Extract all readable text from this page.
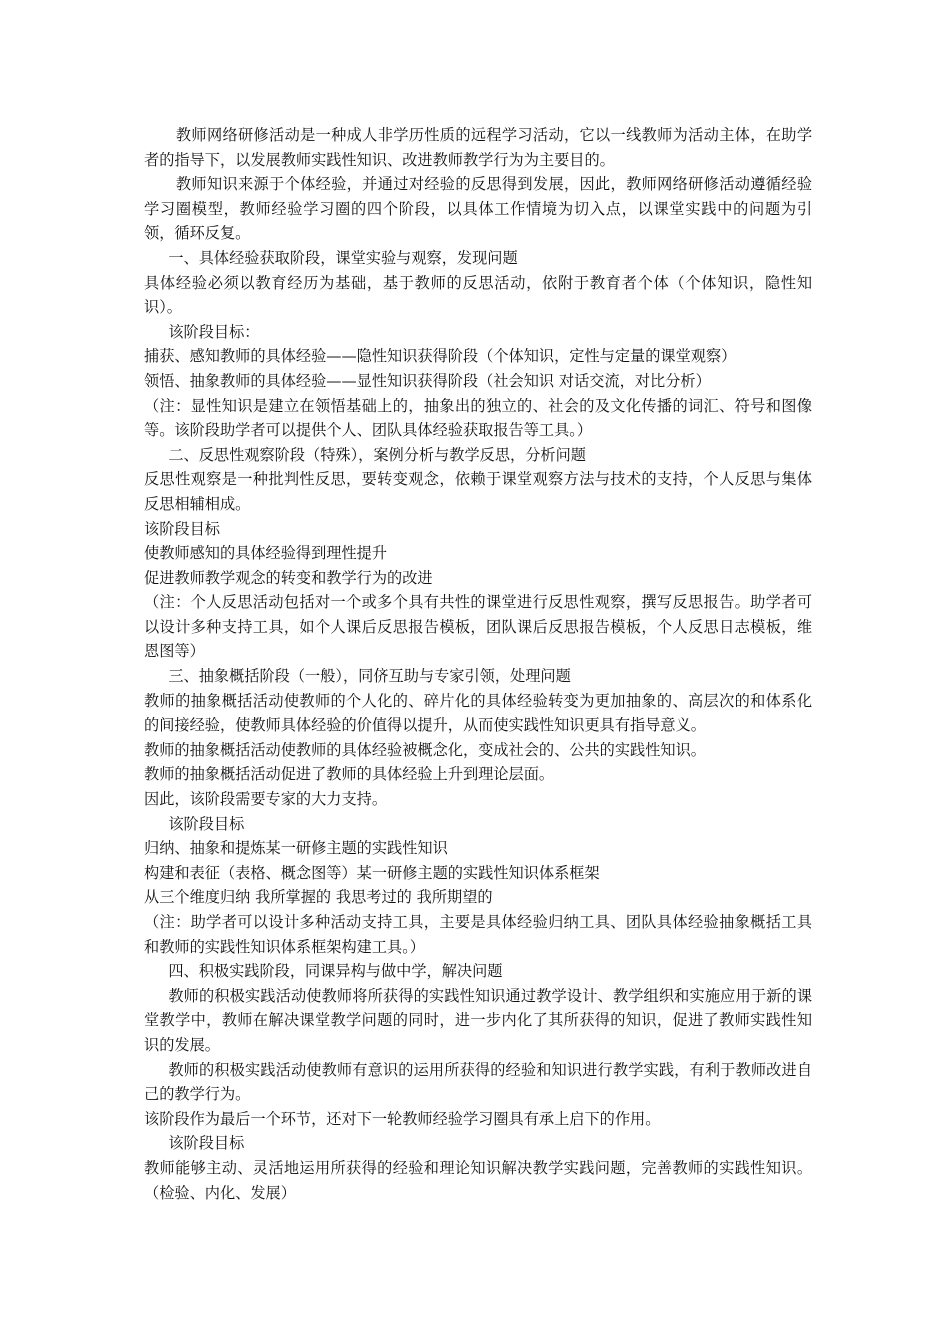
教师网络研修活动是一种成人非学历性质的远程学习活动，它以一线教师为活动主体，在助学者的指导下，以发展教师实践性知识、改进教师教学行为为主要目的。

教师知识来源于个体经验，并通过对经验的反思得到发展，因此，教师网络研修活动遵循经验学习圈模型，教师经验学习圈的四个阶段，以具体工作情境为切入点，以课堂实践中的问题为引领，循环反复。

一、具体经验获取阶段，课堂实验与观察，发现问题

具体经验必须以教育经历为基础，基于教师的反思活动，依附于教育者个体（个体知识，隐性知识）。

该阶段目标：

捕获、感知教师的具体经验——隐性知识获得阶段（个体知识，定性与定量的课堂观察）

领悟、抽象教师的具体经验——显性知识获得阶段（社会知识 对话交流，对比分析）

（注：显性知识是建立在领悟基础上的，抽象出的独立的、社会的及文化传播的词汇、符号和图像等。该阶段助学者可以提供个人、团队具体经验获取报告等工具。）

二、反思性观察阶段（特殊），案例分析与教学反思，分析问题

反思性观察是一种批判性反思，要转变观念，依赖于课堂观察方法与技术的支持，个人反思与集体反思相辅相成。

该阶段目标

使教师感知的具体经验得到理性提升

促进教师教学观念的转变和教学行为的改进

（注：个人反思活动包括对一个或多个具有共性的课堂进行反思性观察，撰写反思报告。助学者可以设计多种支持工具，如个人课后反思报告模板，团队课后反思报告模板，个人反思日志模板，维恩图等）

三、抽象概括阶段（一般），同侪互助与专家引领，处理问题

教师的抽象概括活动使教师的个人化的、碎片化的具体经验转变为更加抽象的、高层次的和体系化的间接经验，使教师具体经验的价值得以提升，从而使实践性知识更具有指导意义。

教师的抽象概括活动使教师的具体经验被概念化，变成社会的、公共的实践性知识。

教师的抽象概括活动促进了教师的具体经验上升到理论层面。

因此，该阶段需要专家的大力支持。

该阶段目标

归纳、抽象和提炼某一研修主题的实践性知识

构建和表征（表格、概念图等）某一研修主题的实践性知识体系框架

从三个维度归纳 我所掌握的 我思考过的 我所期望的

（注：助学者可以设计多种活动支持工具，主要是具体经验归纳工具、团队具体经验抽象概括工具和教师的实践性知识体系框架构建工具。）

四、积极实践阶段，同课异构与做中学，解决问题

教师的积极实践活动使教师将所获得的实践性知识通过教学设计、教学组织和实施应用于新的课堂教学中，教师在解决课堂教学问题的同时，进一步内化了其所获得的知识，促进了教师实践性知识的发展。

教师的积极实践活动使教师有意识的运用所获得的经验和知识进行教学实践，有利于教师改进自己的教学行为。

该阶段作为最后一个环节，还对下一轮教师经验学习圈具有承上启下的作用。

该阶段目标

教师能够主动、灵活地运用所获得的经验和理论知识解决教学实践问题，完善教师的实践性知识。（检验、内化、发展）
